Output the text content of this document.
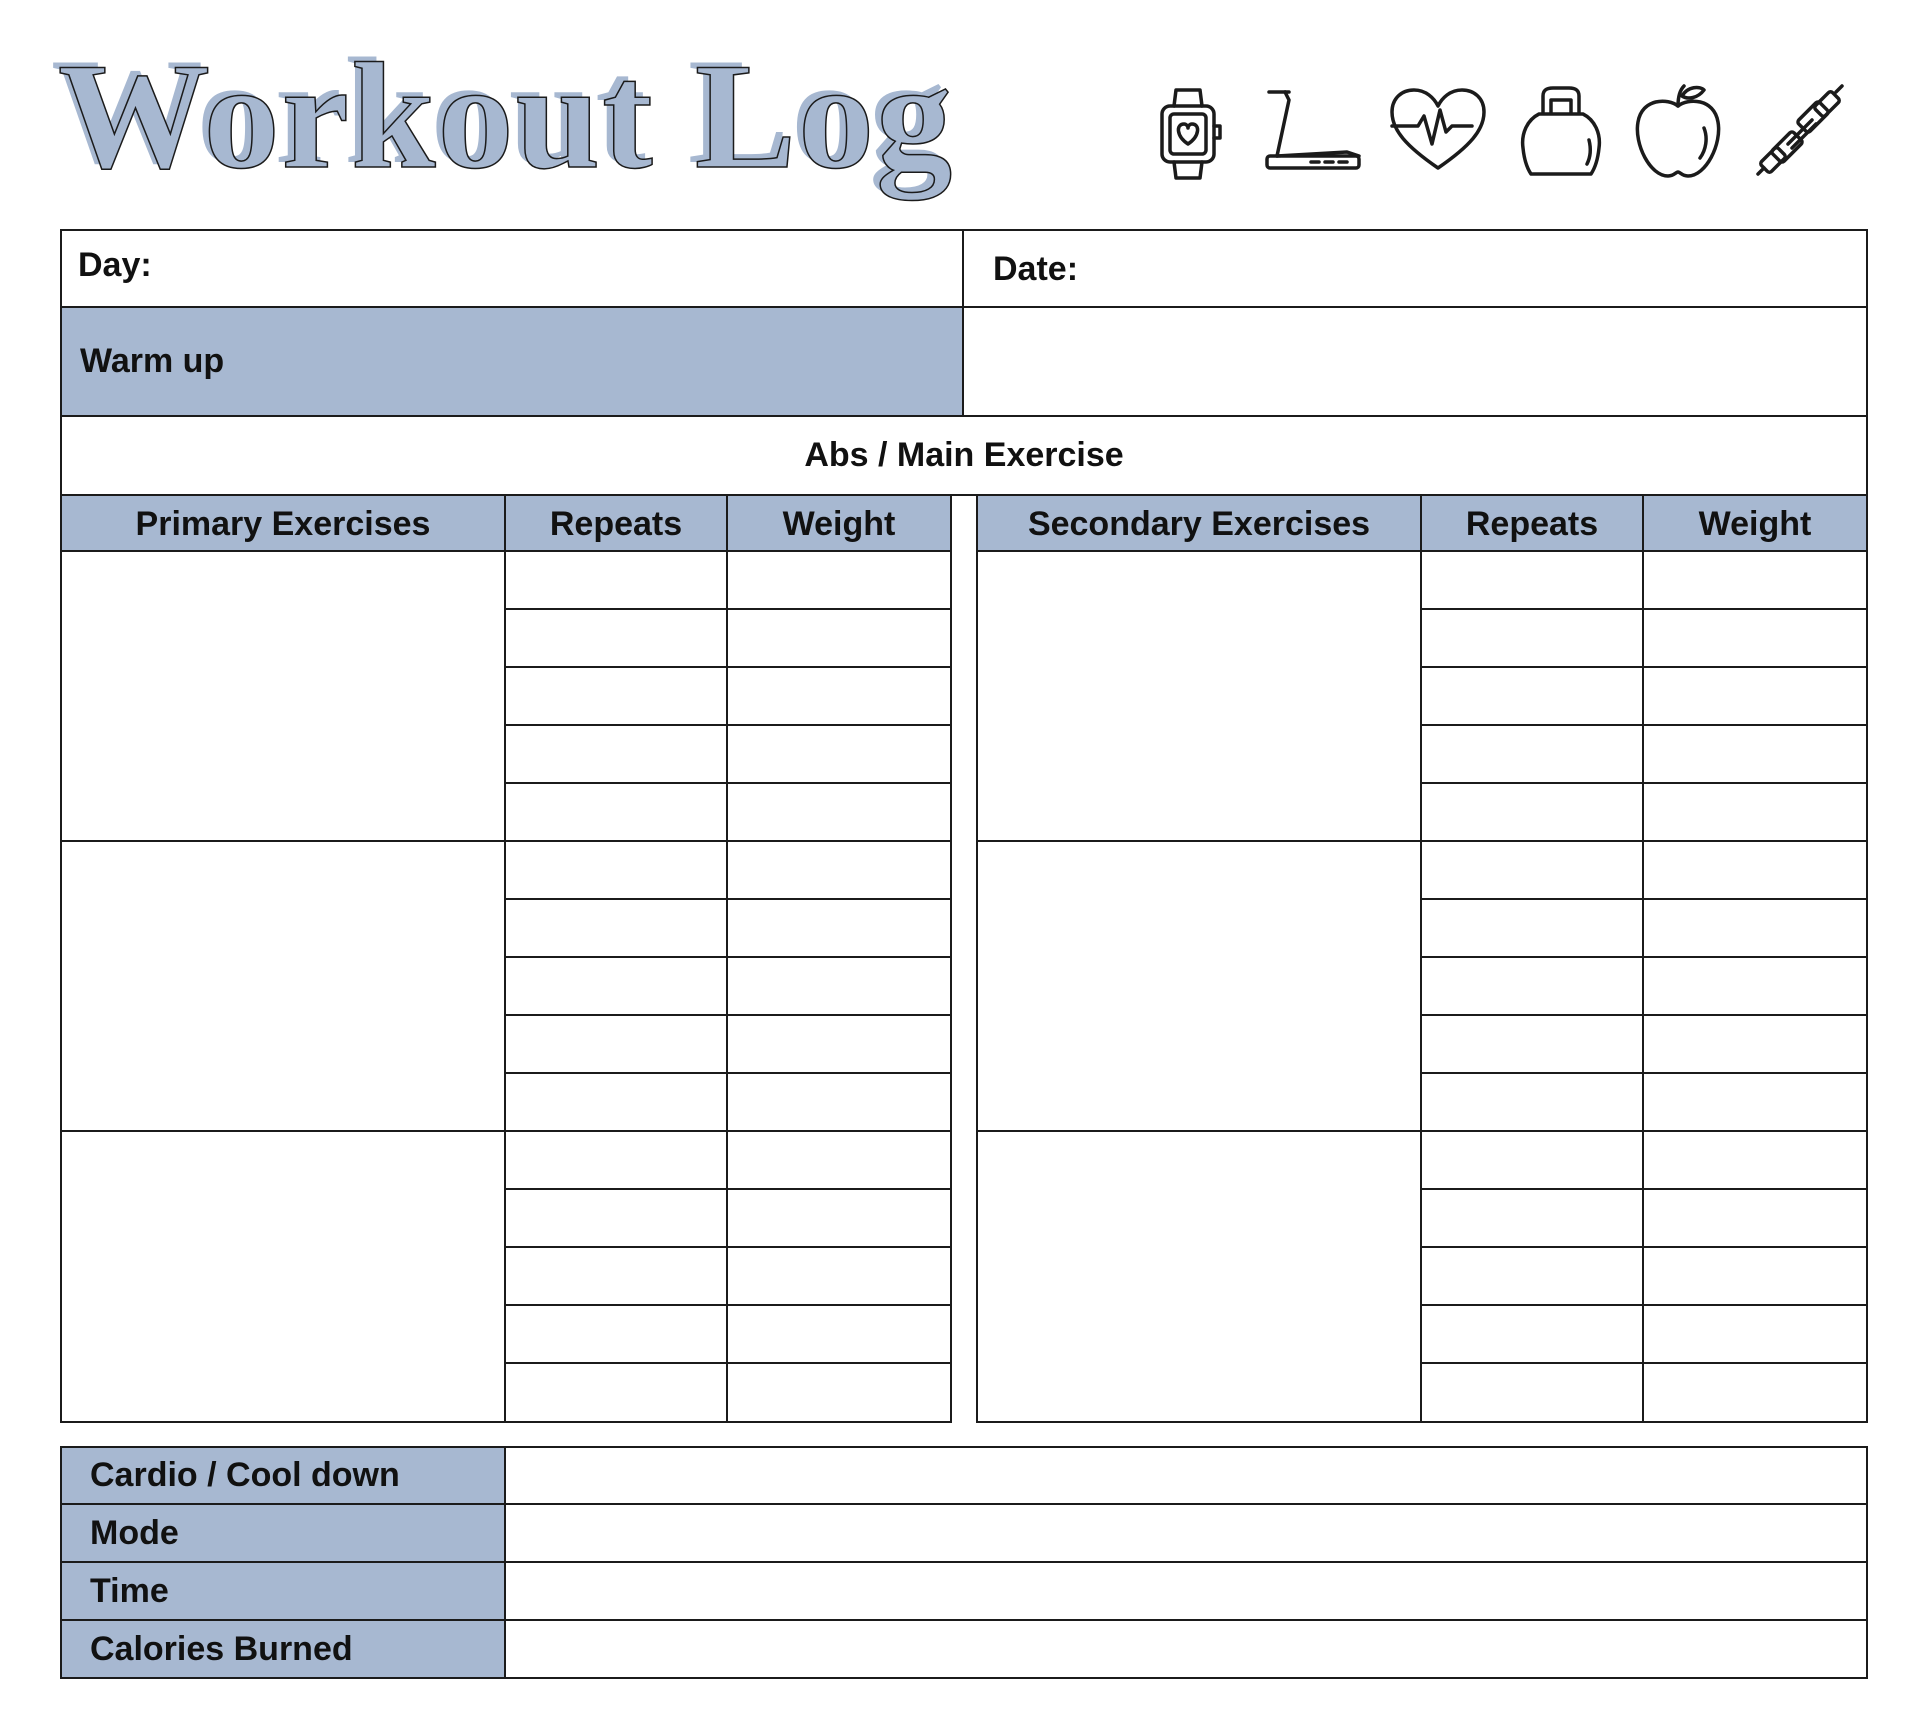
Workout Log
Day:	Date:
Warm up
Abs / Main Exercise
Primary Exercises	Repeats	Weight	Secondary Exercises	Repeats	Weight
Cardio / Cool down
Mode
Time
Calories Burned
